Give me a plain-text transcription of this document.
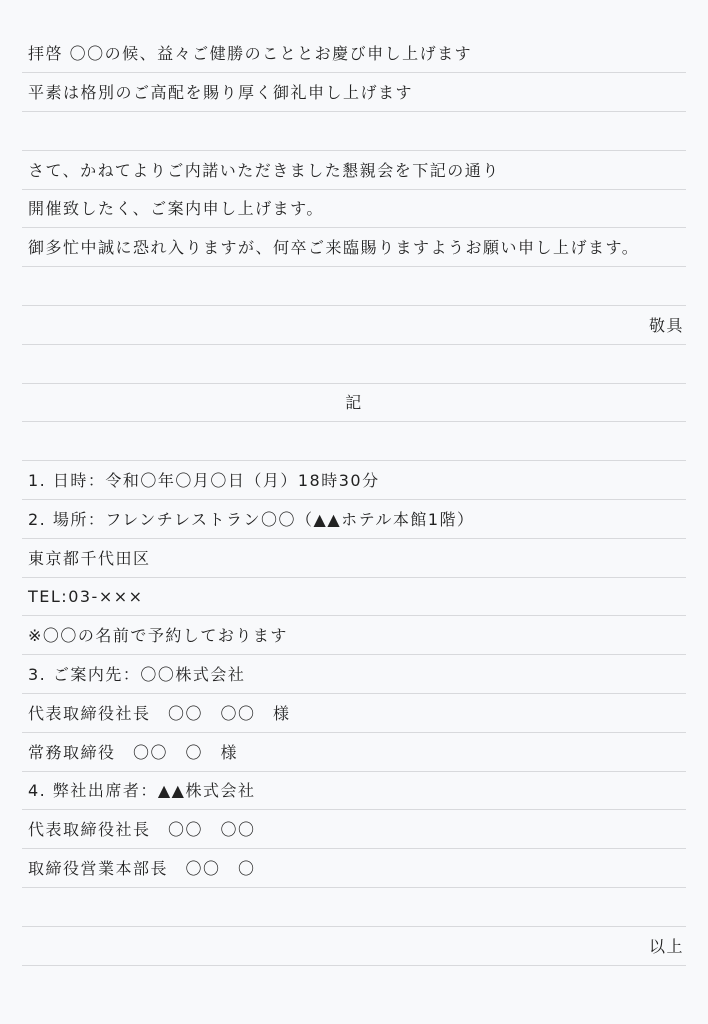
拝啓 〇〇の候、益々ご健勝のこととお慶び申し上げます
平素は格別のご高配を賜り厚く御礼申し上げます
さて、かねてよりご内諾いただきました懇親会を下記の通り
開催致したく、ご案内申し上げます。
御多忙中誠に恐れ入りますが、何卒ご来臨賜りますようお願い申し上げます。
敬具
記
1. 日時：令和〇年〇月〇日（月）18時30分
2. 場所：フレンチレストラン〇〇（▲▲ホテル本館1階）
東京都千代田区
TEL:03-×××
※〇〇の名前で予約しております
3. ご案内先：〇〇株式会社
代表取締役社長　〇〇　〇〇　様
常務取締役　〇〇　〇　様
4. 弊社出席者：▲▲株式会社
代表取締役社長　〇〇　〇〇
取締役営業本部長　〇〇　〇
以上
